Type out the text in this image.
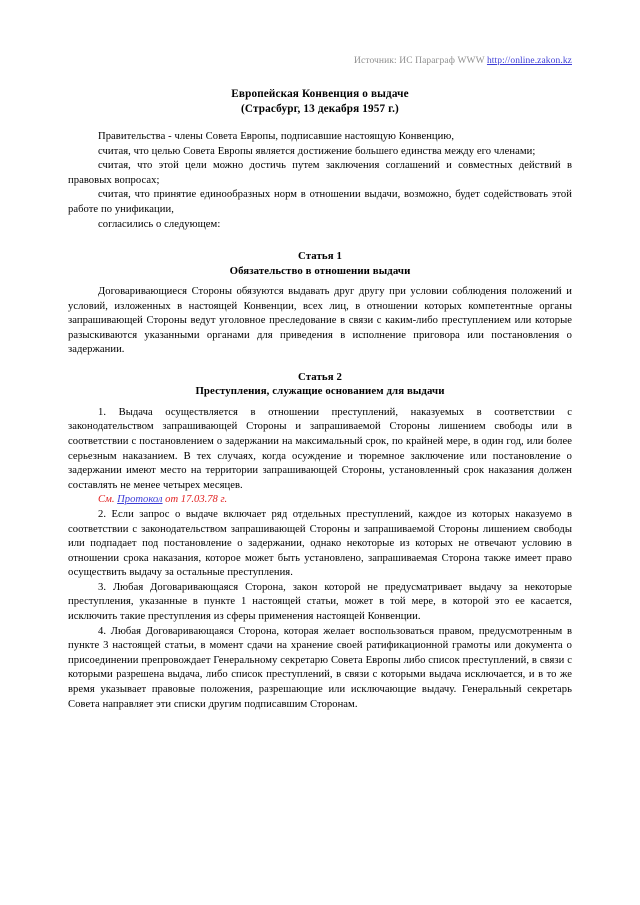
Источник: ИС Параграф WWW http://online.zakon.kz
Европейская Конвенция о выдаче
(Страсбург, 13 декабря 1957 г.)

Правительства - члены Совета Европы, подписавшие настоящую Конвенцию,

считая, что целью Совета Европы является достижение большего единства между его членами;

считая, что этой цели можно достичь путем заключения соглашений и совместных действий в правовых вопросах;

считая, что принятие единообразных норм в отношении выдачи, возможно, будет содействовать этой работе по унификации,

согласились о следующем:

Статья 1
Обязательство в отношении выдачи

Договаривающиеся Стороны обязуются выдавать друг другу при условии соблюдения положений и условий, изложенных в настоящей Конвенции, всех лиц, в отношении которых компетентные органы запрашивающей Стороны ведут уголовное преследование в связи с каким-либо преступлением или которые разыскиваются указанными органами для приведения в исполнение приговора или постановления о задержании.

Статья 2
Преступления, служащие основанием для выдачи

1. Выдача осуществляется в отношении преступлений, наказуемых в соответствии с законодательством запрашивающей Стороны и запрашиваемой Стороны лишением свободы или в соответствии с постановлением о задержании на максимальный срок, по крайней мере, в один год, или более серьезным наказанием. В тех случаях, когда осуждение и тюремное заключение или постановление о задержании имеют место на территории запрашивающей Стороны, установленный срок наказания должен составлять не менее четырех месяцев.

См. Протокол от 17.03.78 г.

2. Если запрос о выдаче включает ряд отдельных преступлений, каждое из которых наказуемо в соответствии с законодательством запрашивающей Стороны и запрашиваемой Стороны лишением свободы или подпадает под постановление о задержании, однако некоторые из которых не отвечают условию в отношении срока наказания, которое может быть установлено, запрашиваемая Сторона также имеет право осуществить выдачу за остальные преступления.

3. Любая Договаривающаяся Сторона, закон которой не предусматривает выдачу за некоторые преступления, указанные в пункте 1 настоящей статьи, может в той мере, в которой это ее касается, исключить такие преступления из сферы применения настоящей Конвенции.

4. Любая Договаривающаяся Сторона, которая желает воспользоваться правом, предусмотренным в пункте 3 настоящей статьи, в момент сдачи на хранение своей ратификационной грамоты или документа о присоединении препровождает Генеральному секретарю Совета Европы либо список преступлений, в связи с которыми разрешена выдача, либо список преступлений, в связи с которыми выдача исключается, и в то же время указывает правовые положения, разрешающие или исключающие выдачу. Генеральный секретарь Совета направляет эти списки другим подписавшим Сторонам.
